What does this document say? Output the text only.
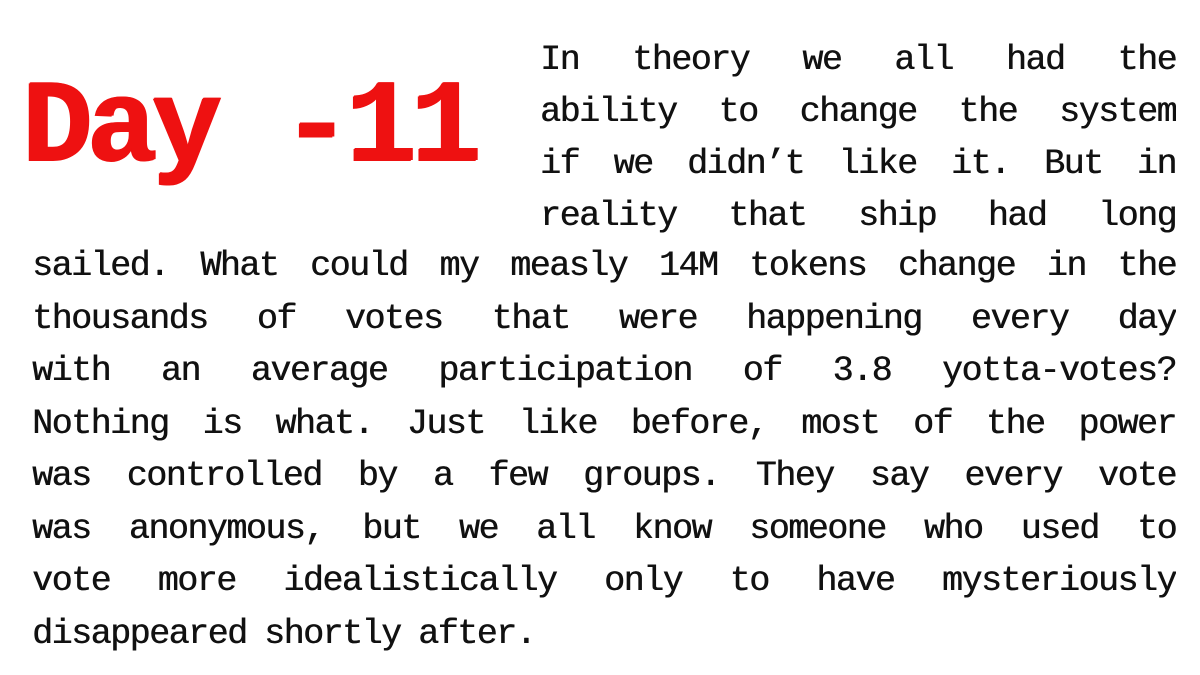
Day -11
In theory we all had the
ability to change the system
if we didn’t like it. But in
reality that ship had long
sailed. What could my measly 14M tokens change in the
thousands of votes that were happening every day
with an average participation of 3.8 yotta-votes?
Nothing is what. Just like before, most of the power
was controlled by a few groups. They say every vote
was anonymous, but we all know someone who used to
vote more idealistically only to have mysteriously
disappeared shortly after.
